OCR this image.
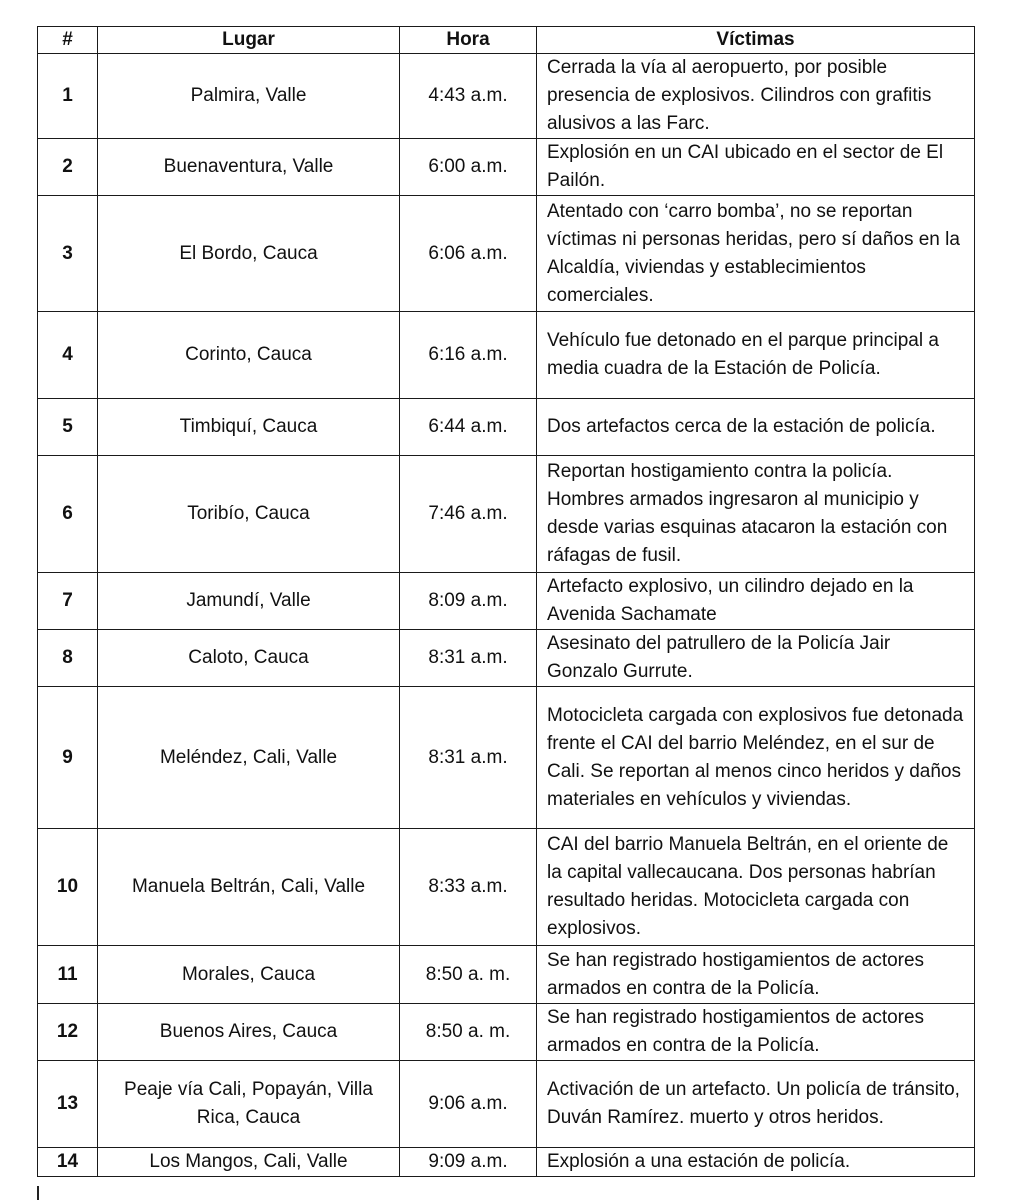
#	Lugar	Hora	Víctimas
1	Palmira, Valle	4:43 a.m.	Cerrada la vía al aeropuerto, por posible presencia de explosivos. Cilindros con grafitis alusivos a las Farc.
2	Buenaventura, Valle	6:00 a.m.	Explosión en un CAI ubicado en el sector de El Pailón.
3	El Bordo, Cauca	6:06 a.m.	Atentado con ‘carro bomba’, no se reportan víctimas ni personas heridas, pero sí daños en la Alcaldía, viviendas y establecimientos comerciales.
4	Corinto, Cauca	6:16 a.m.	Vehículo fue detonado en el parque principal a media cuadra de la Estación de Policía.
5	Timbiquí, Cauca	6:44 a.m.	Dos artefactos cerca de la estación de policía.
6	Toribío, Cauca	7:46 a.m.	Reportan hostigamiento contra la policía. Hombres armados ingresaron al municipio y desde varias esquinas atacaron la estación con ráfagas de fusil.
7	Jamundí, Valle	8:09 a.m.	Artefacto explosivo, un cilindro dejado en la Avenida Sachamate
8	Caloto, Cauca	8:31 a.m.	Asesinato del patrullero de la Policía Jair Gonzalo Gurrute.
9	Meléndez, Cali, Valle	8:31 a.m.	Motocicleta cargada con explosivos fue detonada frente el CAI del barrio Meléndez, en el sur de Cali. Se reportan al menos cinco heridos y daños materiales en vehículos y viviendas.
10	Manuela Beltrán, Cali, Valle	8:33 a.m.	CAI del barrio Manuela Beltrán, en el oriente de la capital vallecaucana. Dos personas habrían resultado heridas. Motocicleta cargada con explosivos.
11	Morales, Cauca	8:50 a. m.	Se han registrado hostigamientos de actores armados en contra de la Policía.
12	Buenos Aires, Cauca	8:50 a. m.	Se han registrado hostigamientos de actores armados en contra de la Policía.
13	Peaje vía Cali, Popayán, Villa Rica, Cauca	9:06 a.m.	Activación de un artefacto. Un policía de tránsito, Duván Ramírez. muerto y otros heridos.
14	Los Mangos, Cali, Valle	9:09 a.m.	Explosión a una estación de policía.
